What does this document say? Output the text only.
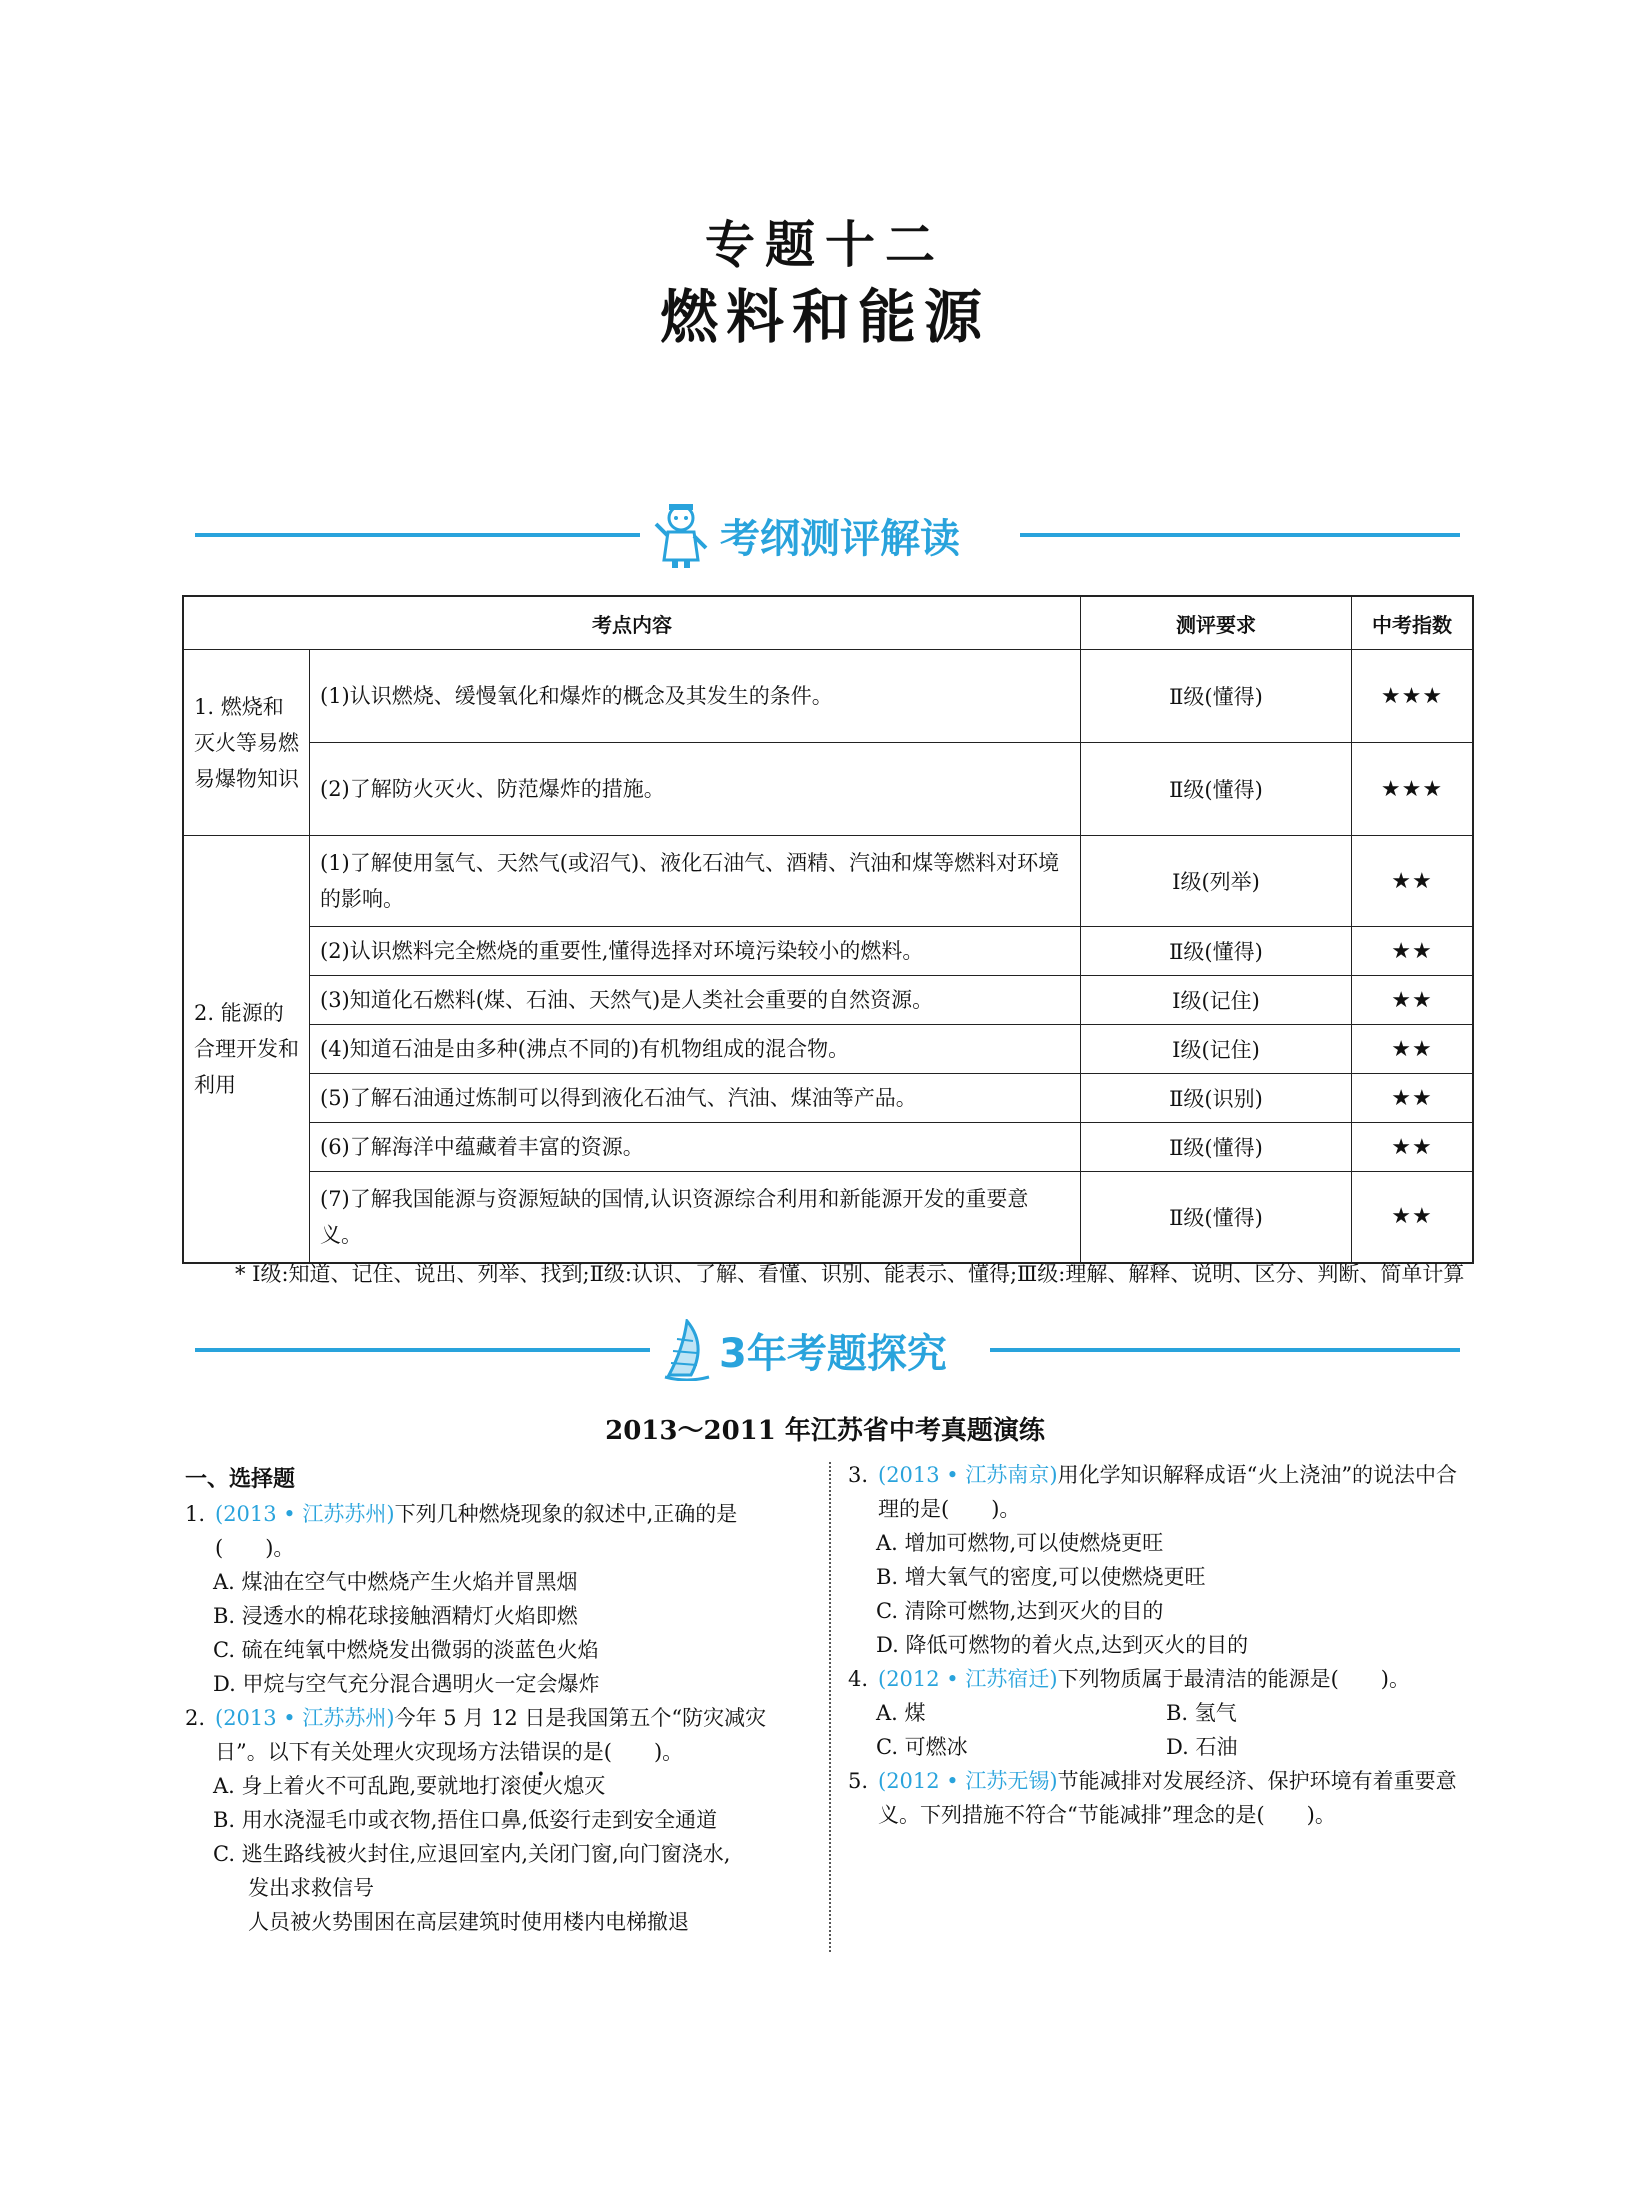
专题十二
燃料和能源
考纲测评解读
考点内容		测评要求	中考指数
1. 燃烧和灭火等易燃易爆物知识	(1)认识燃烧、缓慢氧化和爆炸的概念及其发生的条件。	Ⅱ级(懂得)	★★★
	(2)了解防火灭火、防范爆炸的措施。	Ⅱ级(懂得)	★★★
2. 能源的合理开发和利用	(1)了解使用氢气、天然气(或沼气)、液化石油气、酒精、汽油和煤等燃料对环境的影响。	Ⅰ级(列举)	★★
	(2)认识燃料完全燃烧的重要性,懂得选择对环境污染较小的燃料。	Ⅱ级(懂得)	★★
	(3)知道化石燃料(煤、石油、天然气)是人类社会重要的自然资源。	Ⅰ级(记住)	★★
	(4)知道石油是由多种(沸点不同的)有机物组成的混合物。	Ⅰ级(记住)	★★
	(5)了解石油通过炼制可以得到液化石油气、汽油、煤油等产品。	Ⅱ级(识别)	★★
	(6)了解海洋中蕴藏着丰富的资源。	Ⅱ级(懂得)	★★
	(7)了解我国能源与资源短缺的国情,认识资源综合利用和新能源开发的重要意义。	Ⅱ级(懂得)	★★
* Ⅰ级:知道、记住、说出、列举、找到;Ⅱ级:认识、了解、看懂、识别、能表示、懂得;Ⅲ级:理解、解释、说明、区分、判断、简单计算
3年考题探究
2013～2011 年江苏省中考真题演练
一、选择题
1. (2013 • 江苏苏州)下列几种燃烧现象的叙述中,正确的是(　　)。
A. 煤油在空气中燃烧产生火焰并冒黑烟
B. 浸透水的棉花球接触酒精灯火焰即燃
C. 硫在纯氧中燃烧发出微弱的淡蓝色火焰
D. 甲烷与空气充分混合遇明火一定会爆炸
2. (2013 • 江苏苏州)今年 5 月 12 日是我国第五个“防灾减灾日”。以下有关处理火灾现场方法错误的是(　　)。
A. 身上着火不可乱跑,要就地打滚使火熄灭
B. 用水浇湿毛巾或衣物,捂住口鼻,低姿行走到安全通道
C. 逃生路线被火封住,应退回室内,关闭门窗,向门窗浇水,
发出求救信号
人员被火势围困在高层建筑时使用楼内电梯撤退
3. (2013 • 江苏南京)用化学知识解释成语“火上浇油”的说法中合理的是(　　)。
A. 增加可燃物,可以使燃烧更旺
B. 增大氧气的密度,可以使燃烧更旺
C. 清除可燃物,达到灭火的目的
D. 降低可燃物的着火点,达到灭火的目的
4. (2012 • 江苏宿迁)下列物质属于最清洁的能源是(　　)。
A. 煤	B. 氢气
C. 可燃冰	D. 石油
5. (2012 • 江苏无锡)节能减排对发展经济、保护环境有着重要意义。下列措施不符合“节能减排”理念的是(　　)。
